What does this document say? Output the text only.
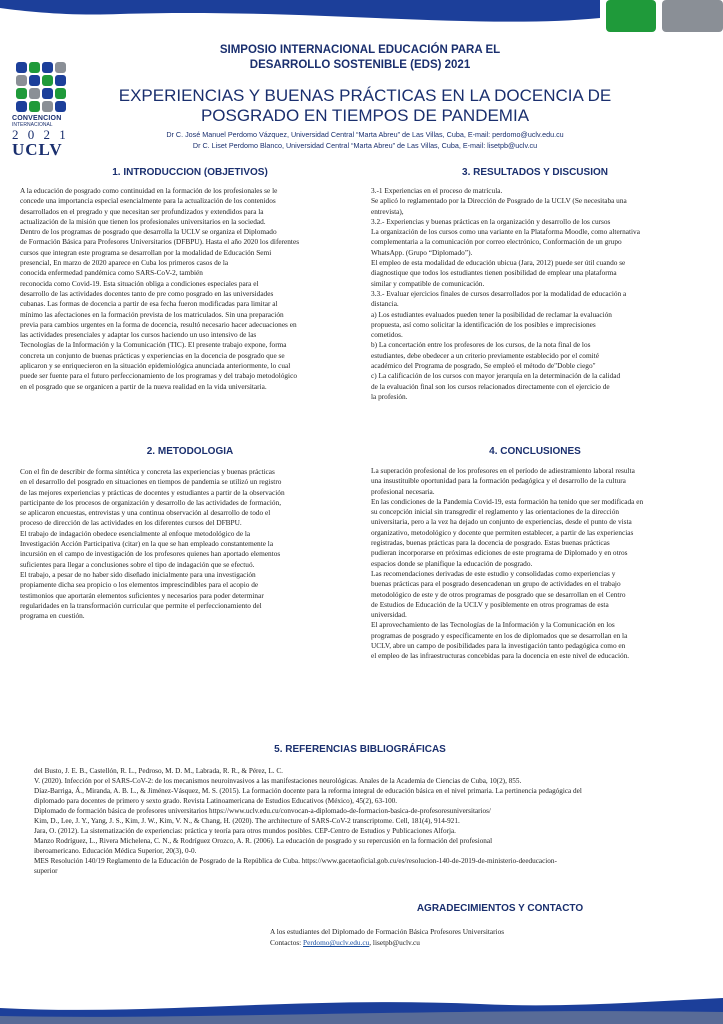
CONVENCION
INTERNACIONAL
2 0 2 1
UCLV
SIMPOSIO INTERNACIONAL EDUCACIÓN PARA EL
DESARROLLO SOSTENIBLE (EDS) 2021
EXPERIENCIAS Y BUENAS PRÁCTICAS EN LA DOCENCIA DE
POSGRADO EN TIEMPOS DE PANDEMIA
Dr C. José Manuel Perdomo Vázquez, Universidad Central “Marta Abreu” de Las Villas, Cuba, E-mail: perdomo@uclv.edu.cu
Dr C. Liset Perdomo Blanco, Universidad Central “Marta Abreu” de Las Villas, Cuba, E-mail: lisetpb@uclv.cu
1. INTRODUCCION (OBJETIVOS)

A la educación de posgrado como continuidad en la formación de los profesionales se le

concede una importancia especial esencialmente para la actualización de los contenidos

desarrollados en el pregrado y que necesitan ser profundizados y extendidos para la

actualización de la misión que tienen los profesionales universitarios en la sociedad.

Dentro de los programas de posgrado que desarrolla la UCLV se organiza el Diplomado

de Formación Básica para Profesores Universitarios (DFBPU). Hasta el año 2020 los diferentes

cursos que integran este programa se desarrollan por la modalidad de Educación Semi

presencial, En marzo de 2020 aparece en Cuba los primeros casos de la

conocida enfermedad pandémica como SARS-CoV-2, también

reconocida como Covid-19. Esta situación obliga a condiciones especiales para el

desarrollo de las actividades docentes tanto de pre como posgrado en las universidades

cubanas. Las formas de docencia a partir de esa fecha fueron modificadas para limitar al

mínimo las afectaciones en la formación prevista de los matriculados. Sin una preparación

previa para cambios urgentes en la forma de docencia, resultó necesario hacer adecuaciones en

las actividades presenciales y adaptar los cursos haciendo un uso intensivo de las

Tecnologías de la Información y la Comunicación (TIC). El presente trabajo expone, forma

concreta un conjunto de buenas prácticas y experiencias en la docencia de posgrado que se

aplicaron y se enriquecieron en la situación epidemiológica anunciada anteriormente, lo cual

puede ser fuente para el futuro perfeccionamiento de los programas y del trabajo metodológico

en el posgrado que se organicen a partir de la nueva realidad en la vida universitaria.

3. RESULTADOS Y DISCUSION

3.-1 Experiencias en el proceso de matrícula.

Se aplicó lo reglamentado por la Dirección de Posgrado de la UCLV (Se necesitaba una

entrevista),

3.2.- Experiencias y buenas prácticas en la organización y desarrollo de los cursos

La organización de los cursos como una variante en la Plataforma Moodle, como alternativa

complementaria a la comunicación por correo electrónico, Conformación de un grupo

WhatsApp. (Grupo “Diplomado”).

El empleo de esta modalidad de educación ubicua (Jara, 2012) puede ser útil cuando se

diagnostique que todos los estudiantes tienen posibilidad de emplear una plataforma

similar y compatible de comunicación.

3.3.- Evaluar ejercicios finales de cursos desarrollados por la modalidad de educación a

distancia.

a) Los estudiantes evaluados pueden tener la posibilidad de reclamar la evaluación

propuesta, así como solicitar la identificación de los posibles e imprecisiones

cometidos.

b) La concertación entre los profesores de los cursos, de la nota final de los

estudiantes, debe obedecer a un criterio previamente establecido por el comité

académico del Programa de posgrado, Se empleó el método de"Doble ciego"

c) La calificación de los cursos con mayor jerarquía en la determinación de la calidad

de la evaluación final son los cursos relacionados directamente con el ejercicio de

la profesión.

2. METODOLOGIA

Con el fin de describir de forma sintética y concreta las experiencias y buenas prácticas

en el desarrollo del posgrado en situaciones en tiempos de pandemia se utilizó un registro

de las mejores experiencias y prácticas de docentes y estudiantes a partir de la observación

participante de los procesos de organización y desarrollo de las actividades de formación,

se aplicaron encuestas, entrevistas y una continua observación al desarrollo de todo el

proceso de dirección de las actividades en los diferentes cursos del DFBPU.

El trabajo de indagación obedece esencialmente al enfoque metodológico de la

Investigación Acción Participativa (citar) en la que se han empleado constantemente la

incursión en el campo de investigación de los profesores quienes han aportado elementos

suficientes para llegar a conclusiones sobre el tipo de indagación que se efectuó.

El trabajo, a pesar de no haber sido diseñado inicialmente para una investigación

propiamente dicha sea propicio o los elementos imprescindibles para el acopio de

testimonios que aportarán elementos suficientes y necesarios para poder determinar

regularidades en la transformación curricular que permite el perfeccionamiento del

programa en cuestión.

4. CONCLUSIONES

La superación profesional de los profesores en el período de adiestramiento laboral resulta

una insustituible oportunidad para la formación pedagógica y el desarrollo de la cultura

profesional necesaria.

En las condiciones de la Pandemia Covid-19, esta formación ha tenido que ser modificada en

su concepción inicial sin transgredir el reglamento y las orientaciones de la dirección

universitaria, pero a la vez ha dejado un conjunto de experiencias, desde el punto de vista

organizativo, metodológico y docente que permiten establecer, a partir de las experiencias

registradas, buenas prácticas para la docencia de posgrado. Estas buenas prácticas

pudieran incorporarse en próximas ediciones de este programa de Diplomado y en otros

espacios donde se planifique la educación de posgrado.

Las recomendaciones derivadas de este estudio y consolidadas como experiencias y

buenas prácticas para el posgrado desencadenan un grupo de actividades en el trabajo

metodológico de este y de otros programas de posgrado que se desarrollan en el Centro

de Estudios de Educación de la UCLV y posiblemente en otros programas de esta

universidad.

El aprovechamiento de las Tecnologías de la Información y la Comunicación en los

programas de posgrado y específicamente en los de diplomados que se desarrollan en la

UCLV, abre un campo de posibilidades para la investigación tanto pedagógica como en

el empleo de las infraestructuras concebidas para la docencia en este nivel de educación.

5. REFERENCIAS BIBLIOGRÁFICAS

del Busto, J. E. B., Castellón, R. L., Pedroso, M. D. M., Labrada, R. R., & Pérez, L. C.

V. (2020). Infección por el SARS-CoV-2: de los mecanismos neuroinvasivos a las manifestaciones neurológicas. Anales de la Academia de Ciencias de Cuba, 10(2), 855.

Díaz-Barriga, Á., Miranda, A. B. L., & Jiménez-Vásquez, M. S. (2015). La formación docente para la reforma integral de educación básica en el nivel primaria. La pertinencia pedagógica del

diplomado para docentes de primero y sexto grado. Revista Latinoamericana de Estudios Educativos (México), 45(2), 63-100.

Diplomado de formación básica de profesores universitarios https://www.uclv.edu.cu/convocan-a-diplomado-de-formacion-basica-de-profesoresuniversitarios/

Kim, D., Lee, J. Y., Yang, J. S., Kim, J. W., Kim, V. N., & Chang, H. (2020). The architecture of SARS-CoV-2 transcriptome. Cell, 181(4), 914-921.

Jara, O. (2012). La sistematización de experiencias: práctica y teoría para otros mundos posibles. CEP-Centro de Estudios y Publicaciones Alforja.

Manzo Rodríguez, L., Rivera Michelena, C. N., & Rodríguez Orozco, A. R. (2006). La educación de posgrado y su repercusión en la formación del profesional

iberoamericano. Educación Médica Superior, 20(3), 0-0.

MES Resolución 140/19 Reglamento de la Educación de Posgrado de la República de Cuba. https://www.gacetaoficial.gob.cu/es/resolucion-140-de-2019-de-ministerio-deeducacion-

superior

AGRADECIMIENTOS Y CONTACTO

A los estudiantes del Diplomado de Formación Básica Profesores Universitarios

Contactos: Perdomo@uclv.edu.cu, lisetpb@uclv.cu
